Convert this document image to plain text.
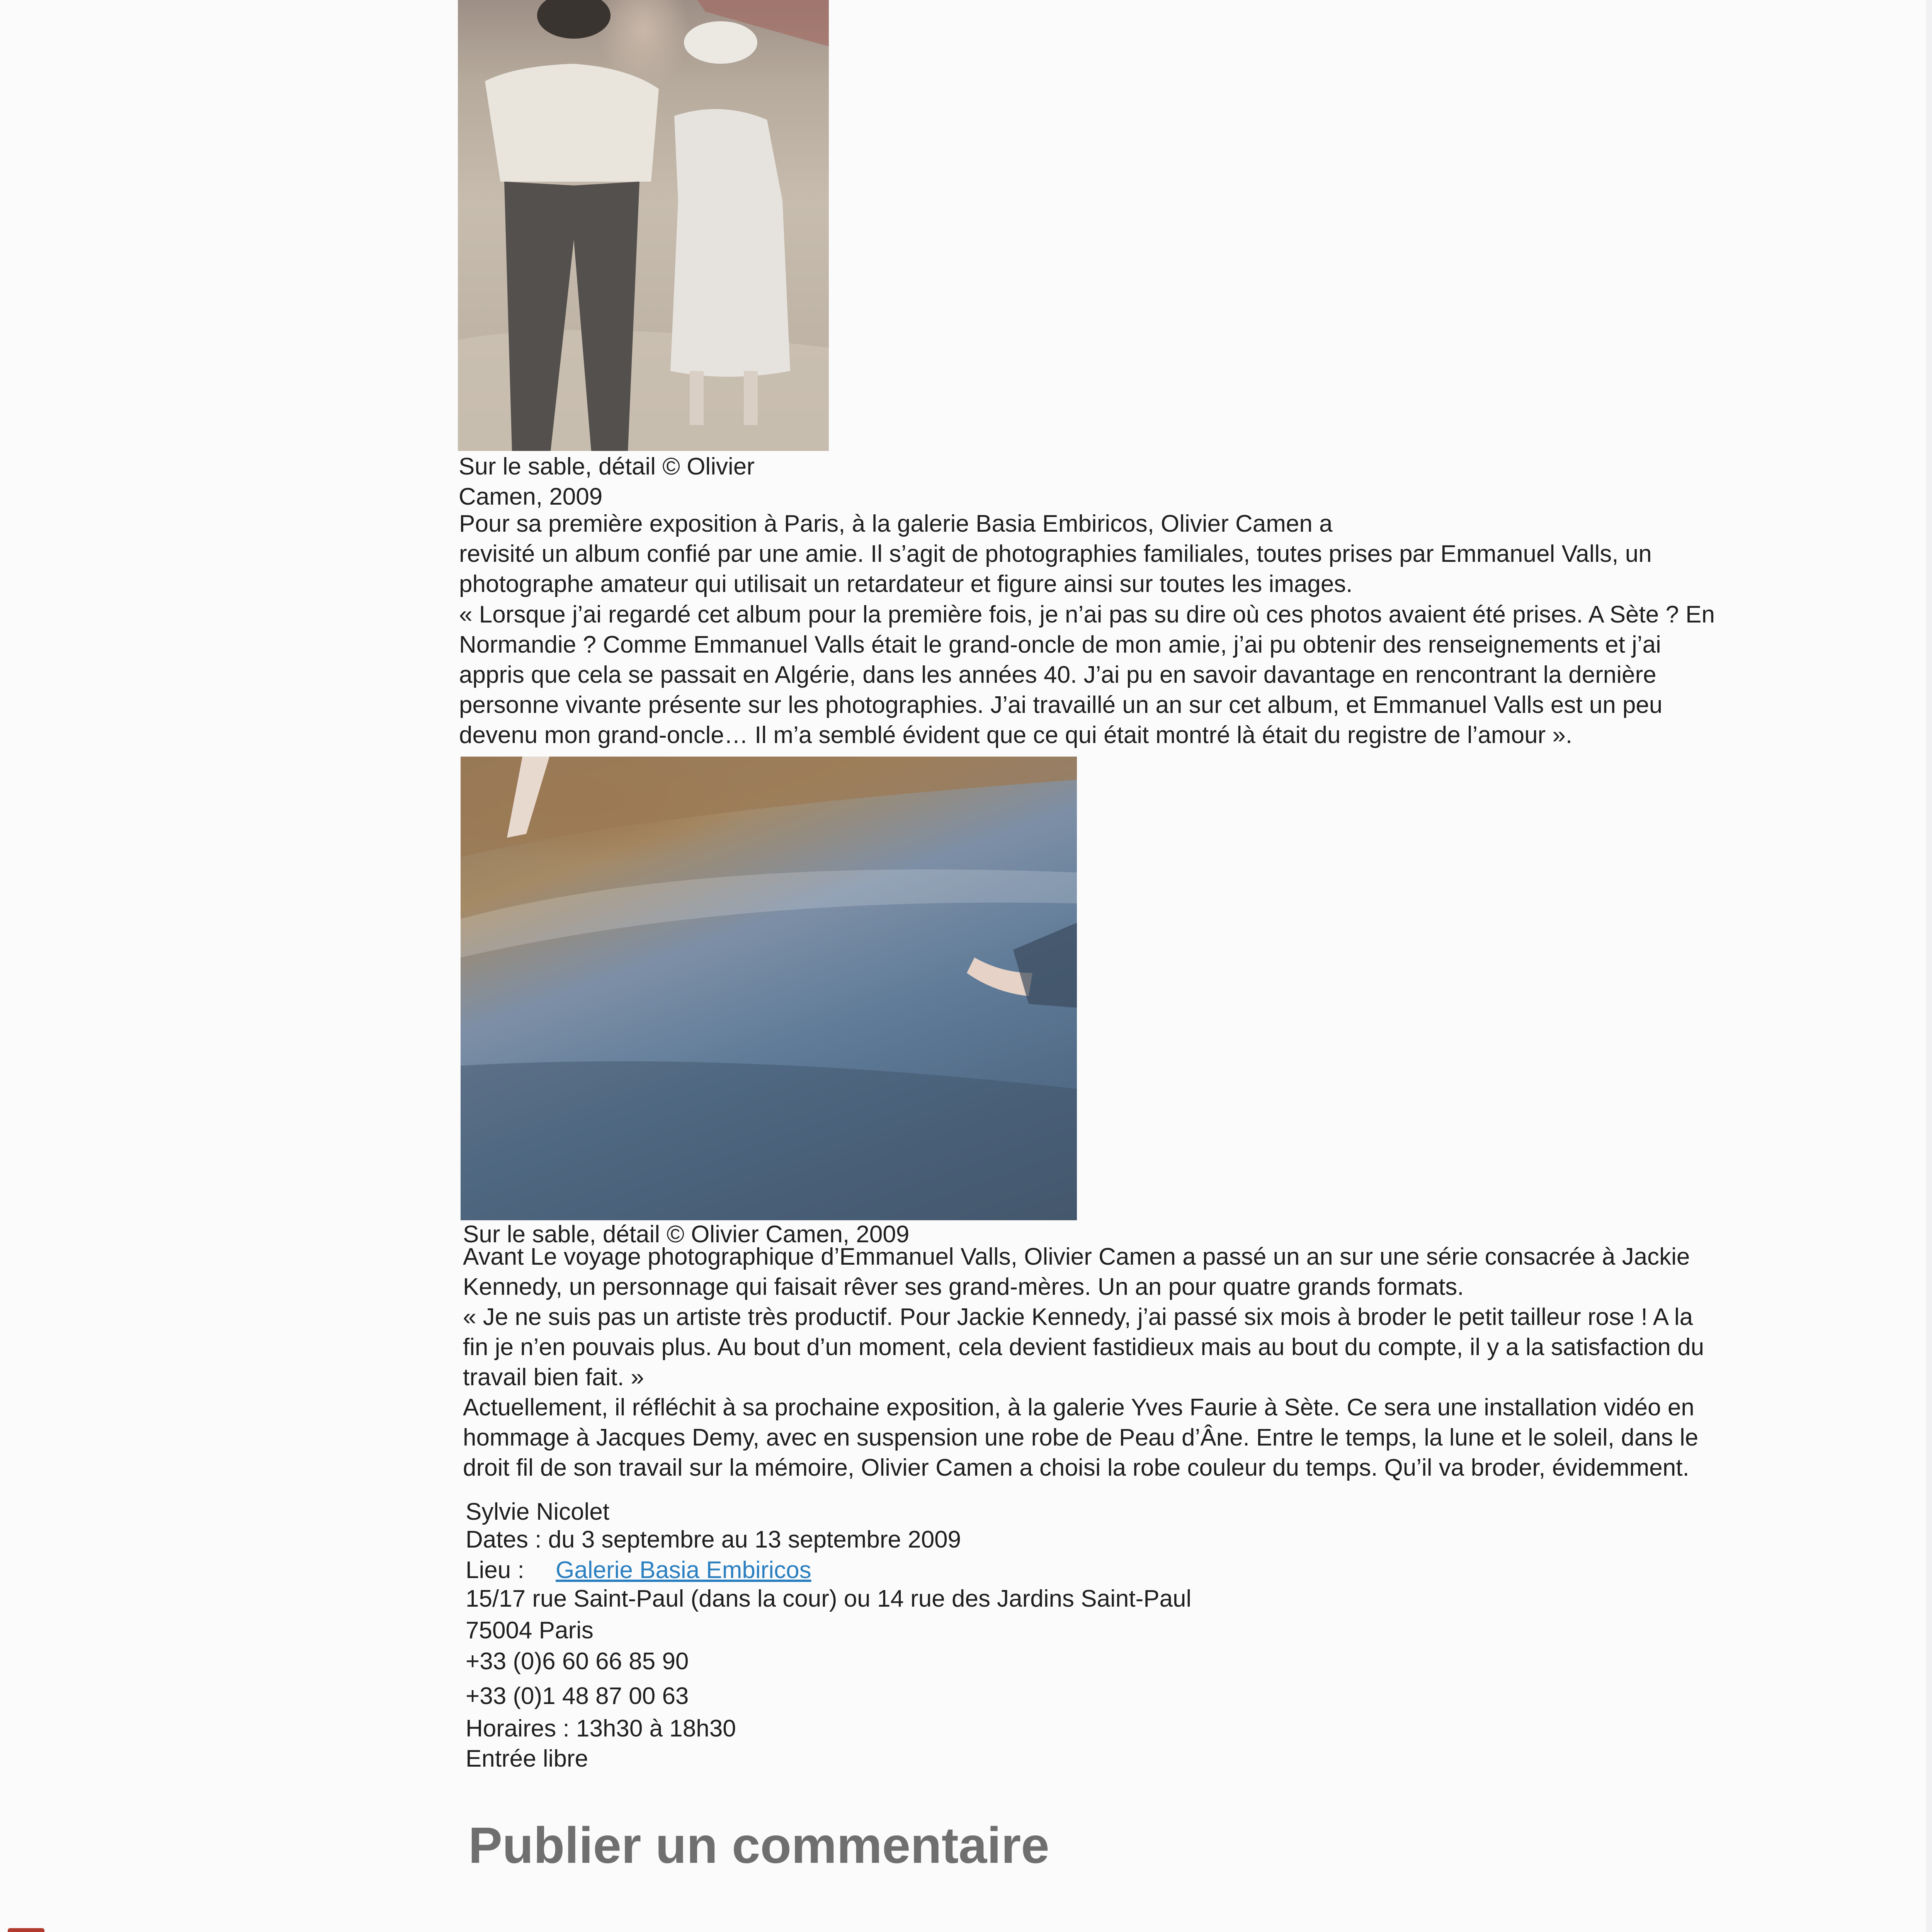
Sur le sable, détail © Olivier

Camen, 2009

Pour sa première exposition à Paris, à la galerie Basia Embiricos, Olivier Camen a

revisité un album confié par une amie. Il s’agit de photographies familiales, toutes prises par Emmanuel Valls, un

photographe amateur qui utilisait un retardateur et figure ainsi sur toutes les images.

« Lorsque j’ai regardé cet album pour la première fois, je n’ai pas su dire où ces photos avaient été prises. A Sète ? En

Normandie ? Comme Emmanuel Valls était le grand-oncle de mon amie, j’ai pu obtenir des renseignements et j’ai

appris que cela se passait en Algérie, dans les années 40. J’ai pu en savoir davantage en rencontrant la dernière

personne vivante présente sur les photographies. J’ai travaillé un an sur cet album, et Emmanuel Valls est un peu

devenu mon grand-oncle… Il m’a semblé évident que ce qui était montré là était du registre de l’amour ».

Sur le sable, détail © Olivier Camen, 2009

Avant Le voyage photographique d’Emmanuel Valls, Olivier Camen a passé un an sur une série consacrée à Jackie

Kennedy, un personnage qui faisait rêver ses grand-mères. Un an pour quatre grands formats.

« Je ne suis pas un artiste très productif. Pour Jackie Kennedy, j’ai passé six mois à broder le petit tailleur rose ! A la

fin je n’en pouvais plus. Au bout d’un moment, cela devient fastidieux mais au bout du compte, il y a la satisfaction du

travail bien fait. »

Actuellement, il réfléchit à sa prochaine exposition, à la galerie Yves Faurie à Sète. Ce sera une installation vidéo en

hommage à Jacques Demy, avec en suspension une robe de Peau d’Âne. Entre le temps, la lune et le soleil, dans le

droit fil de son travail sur la mémoire, Olivier Camen a choisi la robe couleur du temps. Qu’il va broder, évidemment.

Sylvie Nicolet

Dates : du 3 septembre au 13 septembre 2009

Lieu : Galerie Basia Embiricos

15/17 rue Saint-Paul (dans la cour) ou 14 rue des Jardins Saint-Paul

75004 Paris

+33 (0)6 60 66 85 90

+33 (0)1 48 87 00 63

Horaires : 13h30 à 18h30

Entrée libre

Publier un commentaire
